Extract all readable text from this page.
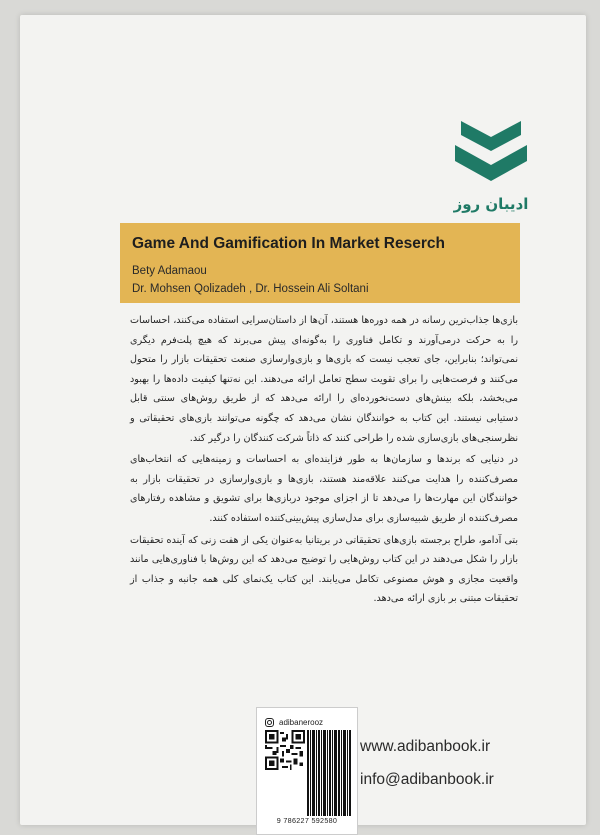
ادیبان روز
Game And Gamification In Market Reserch
Bety Adamaou
Dr. Mohsen Qolizadeh , Dr. Hossein Ali Soltani

بازی‌ها جذاب‌ترین رسانه در همه دوره‌ها هستند، آن‌ها از داستان‌سرایی استفاده می‌کنند، احساسات را به حرکت درمی‌آورند و تکامل فناوری را به‌گونه‌ای پیش می‌برند که هیچ پلت‌فرم دیگری نمی‌تواند؛ بنابراین، جای تعجب نیست که بازی‌ها و بازی‌وارسازی صنعت تحقیقات بازار را متحول می‌کنند و فرصت‌هایی را برای تقویت سطح تعامل ارائه می‌دهند. این نه‌تنها کیفیت داده‌ها را بهبود می‌بخشد، بلکه بینش‌های دست‌نخورده‌ای را ارائه می‌دهد که از طریق روش‌های سنتی قابل دستیابی نیستند. این کتاب به خوانندگان نشان می‌دهد که چگونه می‌توانند بازی‌های تحقیقاتی و نظرسنجی‌های بازی‌سازی شده را طراحی کنند که ذاتاً شرکت کنندگان را درگیر کند.

در دنیایی که برندها و سازمان‌ها به طور فزاینده‌ای به احساسات و زمینه‌هایی که انتخاب‌های مصرف‌کننده را هدایت می‌کنند علاقه‌مند هستند، بازی‌ها و بازی‌وارسازی در تحقیقات بازار به خوانندگان این مهارت‌ها را می‌دهد تا از اجزای موجود دربازی‌ها برای تشویق و مشاهده رفتارهای مصرف‌کننده از طریق شبیه‌سازی برای مدل‌سازی پیش‌بینی‌کننده استفاده کنند.

بتی آدامو، طراح برجسته بازی‌های تحقیقاتی در بریتانیا به‌عنوان یکی از هفت زنی که آینده تحقیقات بازار را شکل می‌دهند در این کتاب روش‌هایی را توضیح می‌دهد که این روش‌ها با فناوری‌هایی مانند واقعیت مجازی و هوش مصنوعی تکامل می‌یابند. این کتاب یک‌نمای کلی همه جانبه و جذاب از تحقیقات مبتنی بر بازی ارائه می‌دهد.

adibanerooz
9 786227 592580
www.adibanbook.ir
info@adibanbook.ir
